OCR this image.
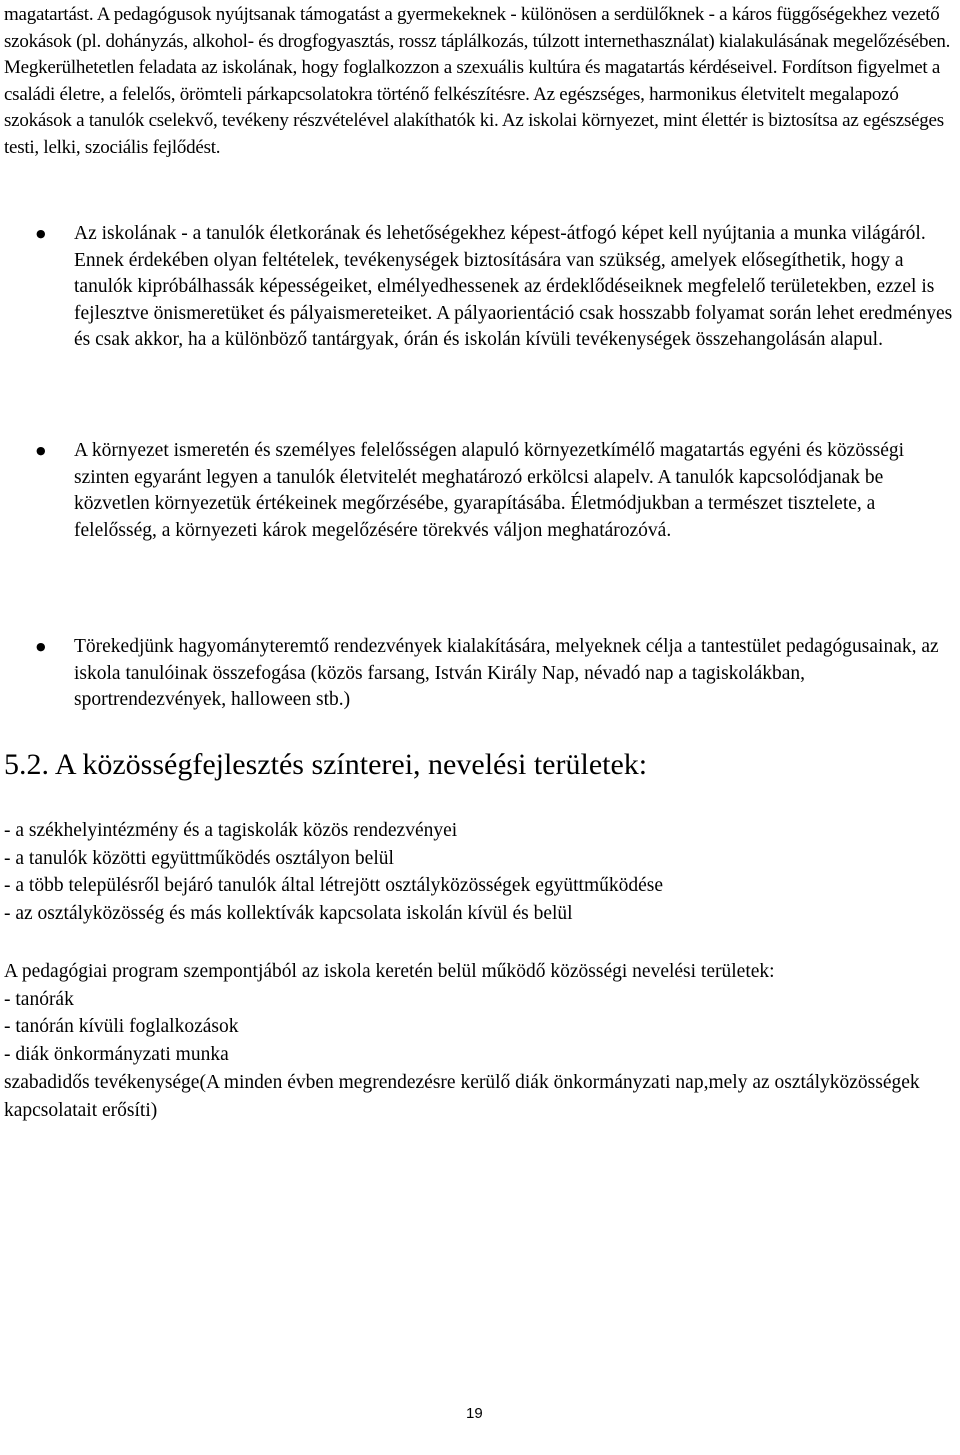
magatartást. A pedagógusok nyújtsanak támogatást a gyermekeknek - különösen a serdülőknek - a káros függőségekhez vezető szokások (pl. dohányzás, alkohol- és drogfogyasztás, rossz táplálkozás, túlzott internethasználat) kialakulásának megelőzésében. Megkerülhetetlen feladata az iskolának, hogy foglalkozzon a szexuális kultúra és magatartás kérdéseivel. Fordítson figyelmet a családi életre, a felelős, örömteli párkapcsolatokra történő felkészítésre. Az egészséges, harmonikus életvitelt megalapozó szokások a tanulók cselekvő, tevékeny részvételével alakíthatók ki. Az iskolai környezet, mint élettér is biztosítsa az egészséges testi, lelki, szociális fejlődést.
●	Az iskolának - a tanulók életkorának és lehetőségekhez képest-átfogó képet kell nyújtania a munka világáról. Ennek érdekében olyan feltételek, tevékenységek biztosítására van szükség, amelyek elősegíthetik, hogy a tanulók kipróbálhassák képességeiket, elmélyedhessenek az érdeklődéseiknek megfelelő területekben, ezzel is fejlesztve önismeretüket és pályaismereteiket. A pályaorientáció csak hosszabb folyamat során lehet eredményes és csak akkor, ha a különböző tantárgyak, órán és iskolán kívüli tevékenységek összehangolásán alapul.
●	A környezet ismeretén és személyes felelősségen alapuló környezetkímélő magatartás egyéni és közösségi szinten egyaránt legyen a tanulók életvitelét meghatározó erkölcsi alapelv. A tanulók kapcsolódjanak be közvetlen környezetük értékeinek megőrzésébe, gyarapításába. Életmódjukban a természet tisztelete, a felelősség, a környezeti károk megelőzésére törekvés váljon meghatározóvá.
●	Törekedjünk hagyományteremtő rendezvények kialakítására, melyeknek célja a tantestület pedagógusainak, az iskola tanulóinak összefogása (közös farsang, István Király Nap, névadó nap a tagiskolákban, sportrendezvények, halloween stb.)
5.2. A közösségfejlesztés színterei, nevelési területek:
- a székhelyintézmény és a tagiskolák közös rendezvényei
- a tanulók közötti együttműködés osztályon belül
- a több településről bejáró tanulók által létrejött osztályközösségek együttműködése
- az osztályközösség és más kollektívák kapcsolata iskolán kívül és belül
A pedagógiai program szempontjából az iskola keretén belül működő közösségi nevelési területek:
- tanórák
- tanórán kívüli foglalkozások
- diák önkormányzati munka
szabadidős tevékenysége(A minden évben megrendezésre kerülő diák önkormányzati nap,mely az osztályközösségek kapcsolatait erősíti)
19
